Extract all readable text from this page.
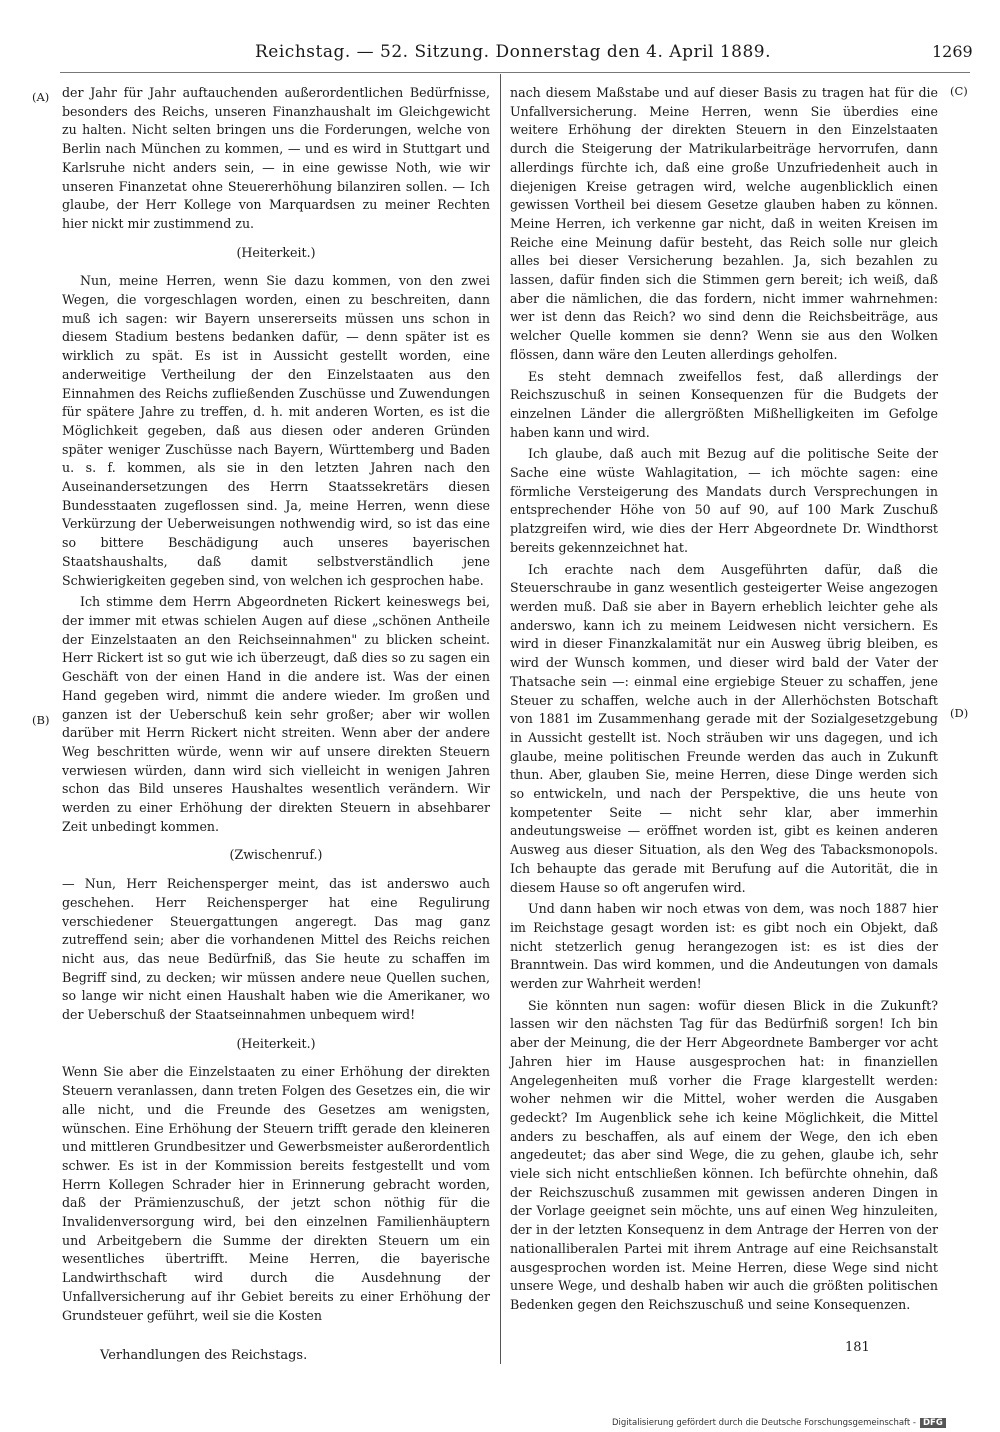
Reichstag. — 52. Sitzung. Donnerstag den 4. April 1889.	1269
(A)
(B)
(C)
(D)

der Jahr für Jahr auftauchenden außerordentlichen Bedürfnisse, besonders des Reichs, unseren Finanzhaushalt im Gleichgewicht zu halten. Nicht selten bringen uns die Forderungen, welche von Berlin nach München zu kommen, — und es wird in Stuttgart und Karlsruhe nicht anders sein, — in eine gewisse Noth, wie wir unseren Finanzetat ohne Steuererhöhung bilanziren sollen. — Ich glaube, der Herr Kollege von Marquardsen zu meiner Rechten hier nickt mir zustimmend zu.

(Heiterkeit.)

Nun, meine Herren, wenn Sie dazu kommen, von den zwei Wegen, die vorgeschlagen worden, einen zu beschreiten, dann muß ich sagen: wir Bayern unsererseits müssen uns schon in diesem Stadium bestens bedanken dafür, — denn später ist es wirklich zu spät. Es ist in Aussicht gestellt worden, eine anderweitige Vertheilung der den Einzelstaaten aus den Einnahmen des Reichs zufließenden Zuschüsse und Zuwendungen für spätere Jahre zu treffen, d. h. mit anderen Worten, es ist die Möglichkeit gegeben, daß aus diesen oder anderen Gründen später weniger Zuschüsse nach Bayern, Württemberg und Baden u. s. f. kommen, als sie in den letzten Jahren nach den Auseinandersetzungen des Herrn Staatssekretärs diesen Bundesstaaten zugeflossen sind. Ja, meine Herren, wenn diese Verkürzung der Ueberweisungen nothwendig wird, so ist das eine so bittere Beschädigung auch unseres bayerischen Staatshaushalts, daß damit selbstverständlich jene Schwierigkeiten gegeben sind, von welchen ich gesprochen habe.

Ich stimme dem Herrn Abgeordneten Rickert keineswegs bei, der immer mit etwas schielen Augen auf diese „schönen Antheile der Einzelstaaten an den Reichseinnahmen" zu blicken scheint. Herr Rickert ist so gut wie ich überzeugt, daß dies so zu sagen ein Geschäft von der einen Hand in die andere ist. Was der einen Hand gegeben wird, nimmt die andere wieder. Im großen und ganzen ist der Ueberschuß kein sehr großer; aber wir wollen darüber mit Herrn Rickert nicht streiten. Wenn aber der andere Weg beschritten würde, wenn wir auf unsere direkten Steuern verwiesen würden, dann wird sich vielleicht in wenigen Jahren schon das Bild unseres Haushaltes wesentlich verändern. Wir werden zu einer Erhöhung der direkten Steuern in absehbarer Zeit unbedingt kommen.

(Zwischenruf.)

— Nun, Herr Reichensperger meint, das ist anderswo auch geschehen. Herr Reichensperger hat eine Regulirung verschiedener Steuergattungen angeregt. Das mag ganz zutreffend sein; aber die vorhandenen Mittel des Reichs reichen nicht aus, das neue Bedürfniß, das Sie heute zu schaffen im Begriff sind, zu decken; wir müssen andere neue Quellen suchen, so lange wir nicht einen Haushalt haben wie die Amerikaner, wo der Ueberschuß der Staatseinnahmen unbequem wird!

(Heiterkeit.)

Wenn Sie aber die Einzelstaaten zu einer Erhöhung der direkten Steuern veranlassen, dann treten Folgen des Gesetzes ein, die wir alle nicht, und die Freunde des Gesetzes am wenigsten, wünschen. Eine Erhöhung der Steuern trifft gerade den kleineren und mittleren Grundbesitzer und Gewerbsmeister außerordentlich schwer. Es ist in der Kommission bereits festgestellt und vom Herrn Kollegen Schrader hier in Erinnerung gebracht worden, daß der Prämienzuschuß, der jetzt schon nöthig für die Invalidenversorgung wird, bei den einzelnen Familienhäuptern und Arbeitgebern die Summe der direkten Steuern um ein wesentliches übertrifft. Meine Herren, die bayerische Landwirthschaft wird durch die Ausdehnung der Unfallversicherung auf ihr Gebiet bereits zu einer Erhöhung der Grundsteuer geführt, weil sie die Kosten

nach diesem Maßstabe und auf dieser Basis zu tragen hat für die Unfallversicherung. Meine Herren, wenn Sie überdies eine weitere Erhöhung der direkten Steuern in den Einzelstaaten durch die Steigerung der Matrikularbeiträge hervorrufen, dann allerdings fürchte ich, daß eine große Unzufriedenheit auch in diejenigen Kreise getragen wird, welche augenblicklich einen gewissen Vortheil bei diesem Gesetze glauben haben zu können. Meine Herren, ich verkenne gar nicht, daß in weiten Kreisen im Reiche eine Meinung dafür besteht, das Reich solle nur gleich alles bei dieser Versicherung bezahlen. Ja, sich bezahlen zu lassen, dafür finden sich die Stimmen gern bereit; ich weiß, daß aber die nämlichen, die das fordern, nicht immer wahrnehmen: wer ist denn das Reich? wo sind denn die Reichsbeiträge, aus welcher Quelle kommen sie denn? Wenn sie aus den Wolken flössen, dann wäre den Leuten allerdings geholfen.

Es steht demnach zweifellos fest, daß allerdings der Reichszuschuß in seinen Konsequenzen für die Budgets der einzelnen Länder die allergrößten Mißhelligkeiten im Gefolge haben kann und wird.

Ich glaube, daß auch mit Bezug auf die politische Seite der Sache eine wüste Wahlagitation, — ich möchte sagen: eine förmliche Versteigerung des Mandats durch Versprechungen in entsprechender Höhe von 50 auf 90, auf 100 Mark Zuschuß platzgreifen wird, wie dies der Herr Abgeordnete Dr. Windthorst bereits gekennzeichnet hat.

Ich erachte nach dem Ausgeführten dafür, daß die Steuerschraube in ganz wesentlich gesteigerter Weise angezogen werden muß. Daß sie aber in Bayern erheblich leichter gehe als anderswo, kann ich zu meinem Leidwesen nicht versichern. Es wird in dieser Finanzkalamität nur ein Ausweg übrig bleiben, es wird der Wunsch kommen, und dieser wird bald der Vater der Thatsache sein —: einmal eine ergiebige Steuer zu schaffen, jene Steuer zu schaffen, welche auch in der Allerhöchsten Botschaft von 1881 im Zusammenhang gerade mit der Sozialgesetzgebung in Aussicht gestellt ist. Noch sträuben wir uns dagegen, und ich glaube, meine politischen Freunde werden das auch in Zukunft thun. Aber, glauben Sie, meine Herren, diese Dinge werden sich so entwickeln, und nach der Perspektive, die uns heute von kompetenter Seite — nicht sehr klar, aber immerhin andeutungsweise — eröffnet worden ist, gibt es keinen anderen Ausweg aus dieser Situation, als den Weg des Tabacksmonopols. Ich behaupte das gerade mit Berufung auf die Autorität, die in diesem Hause so oft angerufen wird.

Und dann haben wir noch etwas von dem, was noch 1887 hier im Reichstage gesagt worden ist: es gibt noch ein Objekt, daß nicht stetzerlich genug herangezogen ist: es ist dies der Branntwein. Das wird kommen, und die Andeutungen von damals werden zur Wahrheit werden!

Sie könnten nun sagen: wofür diesen Blick in die Zukunft? lassen wir den nächsten Tag für das Bedürfniß sorgen! Ich bin aber der Meinung, die der Herr Abgeordnete Bamberger vor acht Jahren hier im Hause ausgesprochen hat: in finanziellen Angelegenheiten muß vorher die Frage klargestellt werden: woher nehmen wir die Mittel, woher werden die Ausgaben gedeckt? Im Augenblick sehe ich keine Möglichkeit, die Mittel anders zu beschaffen, als auf einem der Wege, den ich eben angedeutet; das aber sind Wege, die zu gehen, glaube ich, sehr viele sich nicht entschließen können. Ich befürchte ohnehin, daß der Reichszuschuß zusammen mit gewissen anderen Dingen in der Vorlage geeignet sein möchte, uns auf einen Weg hinzuleiten, der in der letzten Konsequenz in dem Antrage der Herren von der nationalliberalen Partei mit ihrem Antrage auf eine Reichsanstalt ausgesprochen worden ist. Meine Herren, diese Wege sind nicht unsere Wege, und deshalb haben wir auch die größten politischen Bedenken gegen den Reichszuschuß und seine Konsequenzen.

Verhandlungen des Reichstags.
181
Digitalisierung gefördert durch die Deutsche Forschungsgemeinschaft - DFG
